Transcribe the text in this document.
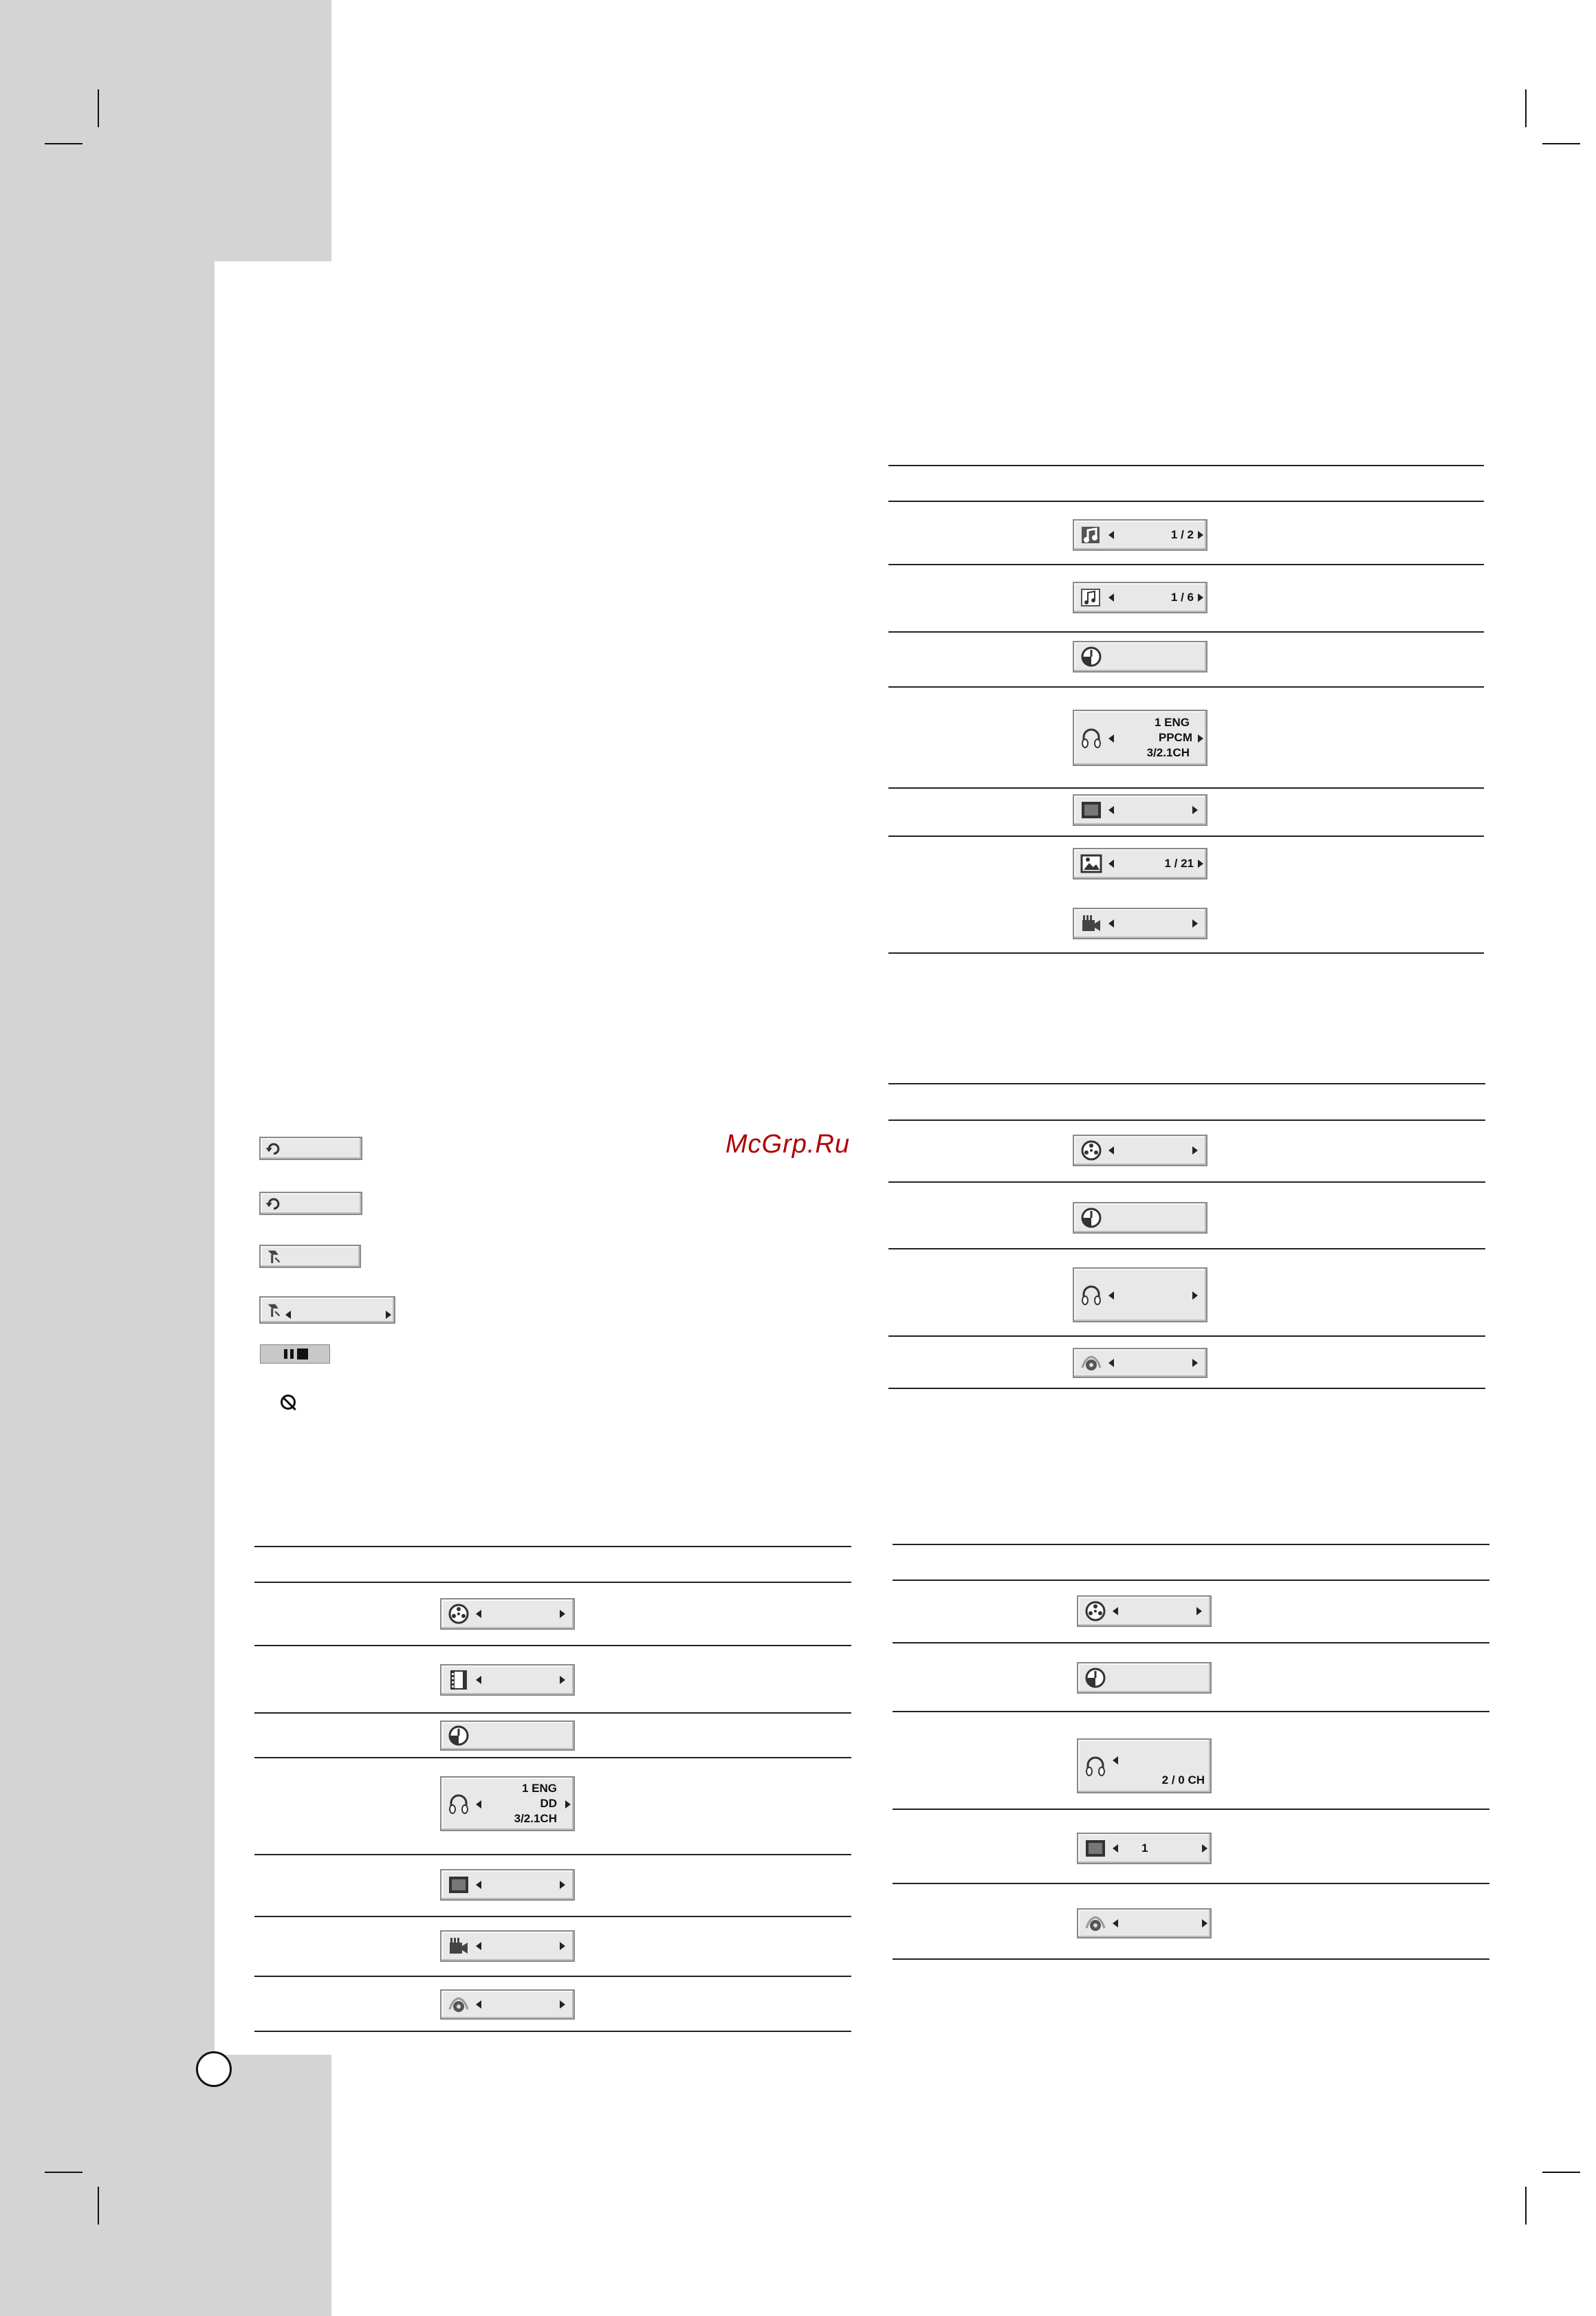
1 / 2
1 / 6
1 ENG
PPCM
3/2.1CH
1 / 21
McGrp.Ru
1 ENG
DD
3/2.1CH
2 / 0 CH
1
